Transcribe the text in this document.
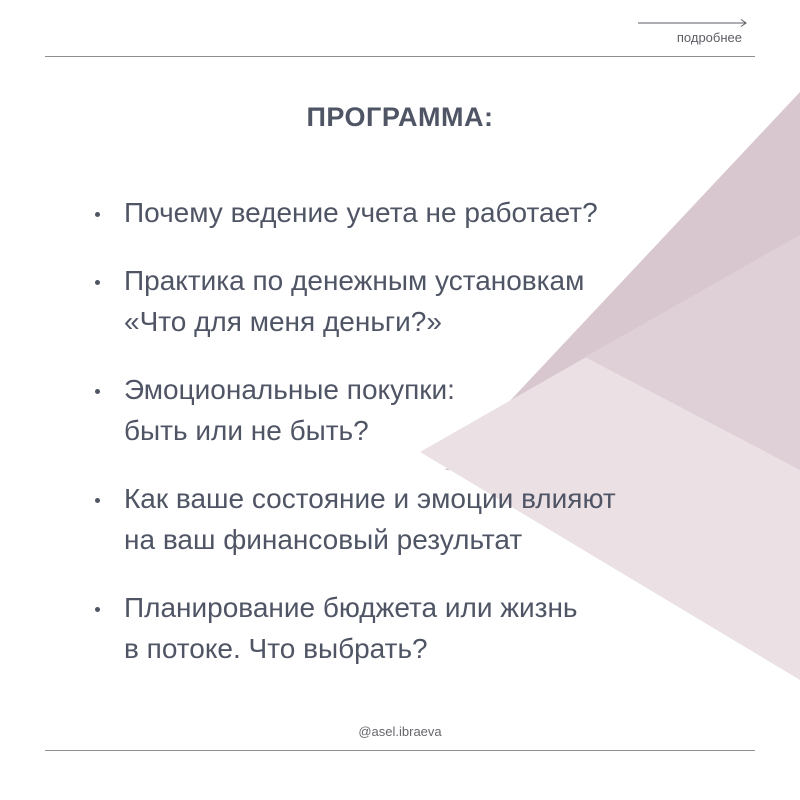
подробнее
ПРОГРАММА:
Почему ведение учета не работает?
Практика по денежным установкам
«Что для меня деньги?»
Эмоциональные покупки:
быть или не быть?
Как ваше состояние и эмоции влияют
на ваш финансовый результат
Планирование бюджета или жизнь
в потоке. Что выбрать?
@asel.ibraeva
